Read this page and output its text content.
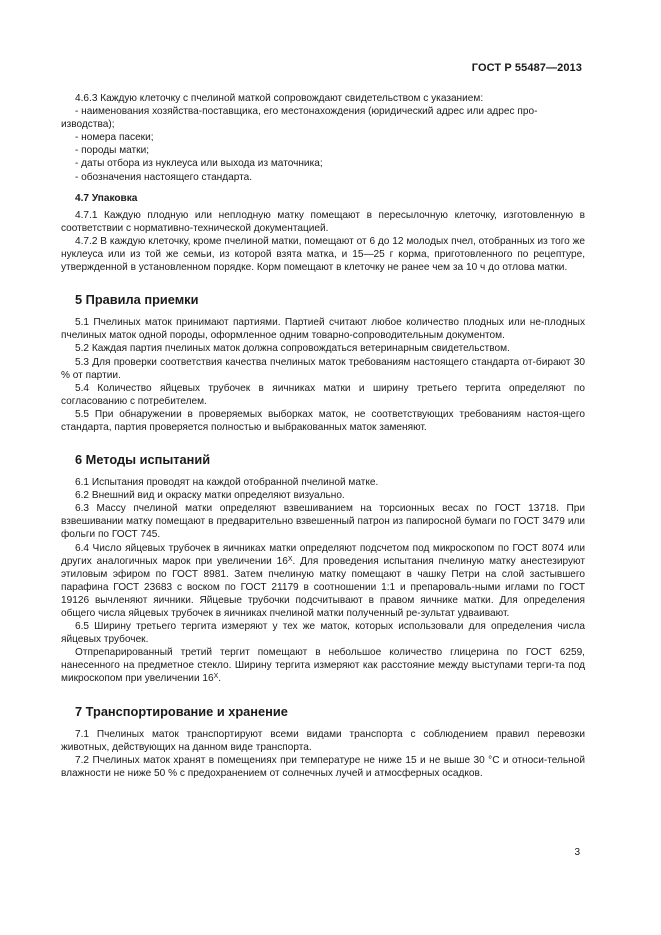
ГОСТ Р 55487—2013

4.6.3 Каждую клеточку с пчелиной маткой сопровождают свидетельством с указанием:

- наименования хозяйства-поставщика, его местонахождения (юридический адрес или адрес про-

изводства);

- номера пасеки;

- породы матки;

- даты отбора из нуклеуса или выхода из маточника;

- обозначения настоящего стандарта.

4.7 Упаковка

4.7.1 Каждую плодную или неплодную матку помещают в пересылочную клеточку, изготовленную в соответствии с нормативно-технической документацией.

4.7.2 В каждую клеточку, кроме пчелиной матки, помещают от 6 до 12 молодых пчел, отобранных из того же нуклеуса или из той же семьи, из которой взята матка, и 15—25 г корма, приготовленного по рецептуре, утвержденной в установленном порядке. Корм помещают в клеточку не ранее чем за 10 ч до отлова матки.

5 Правила приемки

5.1 Пчелиных маток принимают партиями. Партией считают любое количество плодных или не-плодных пчелиных маток одной породы, оформленное одним товарно-сопроводительным документом.

5.2 Каждая партия пчелиных маток должна сопровождаться ветеринарным свидетельством.

5.3 Для проверки соответствия качества пчелиных маток требованиям настоящего стандарта от-бирают 30 % от партии.

5.4 Количество яйцевых трубочек в яичниках матки и ширину третьего тергита определяют по согласованию с потребителем.

5.5 При обнаружении в проверяемых выборках маток, не соответствующих требованиям настоя-щего стандарта, партия проверяется полностью и выбракованных маток заменяют.

6 Методы испытаний

6.1 Испытания проводят на каждой отобранной пчелиной матке.

6.2 Внешний вид и окраску матки определяют визуально.

6.3 Массу пчелиной матки определяют взвешиванием на торсионных весах по ГОСТ 13718. При взвешивании матку помещают в предварительно взвешенный патрон из папиросной бумаги по ГОСТ 3479 или фольги по ГОСТ 745.

6.4 Число яйцевых трубочек в яичниках матки определяют подсчетом под микроскопом по ГОСТ 8074 или других аналогичных марок при увеличении $16^X$. Для проведения испытания пчелиную матку анестезируют этиловым эфиром по ГОСТ 8981. Затем пчелиную матку помещают в чашку Петри на слой застывшего парафина ГОСТ 23683 с воском по ГОСТ 21179 в соотношении 1:1 и препароваль-ными иглами по ГОСТ 19126 вычленяют яичники. Яйцевые трубочки подсчитывают в правом яичнике матки. Для определения общего числа яйцевых трубочек в яичниках пчелиной матки полученный ре-зультат удваивают.

6.5 Ширину третьего тергита измеряют у тех же маток, которых использовали для определения числа яйцевых трубочек.

Отпрепарированный третий тергит помещают в небольшое количество глицерина по ГОСТ 6259, нанесенного на предметное стекло. Ширину тергита измеряют как расстояние между выступами терги-та под микроскопом при увеличении $16^X$.

7 Транспортирование и хранение

7.1 Пчелиных маток транспортируют всеми видами транспорта с соблюдением правил перевозки животных, действующих на данном виде транспорта.

7.2 Пчелиных маток хранят в помещениях при температуре не ниже 15 и не выше 30 °С и относи-тельной влажности не ниже 50 % с предохранением от солнечных лучей и атмосферных осадков.

3
